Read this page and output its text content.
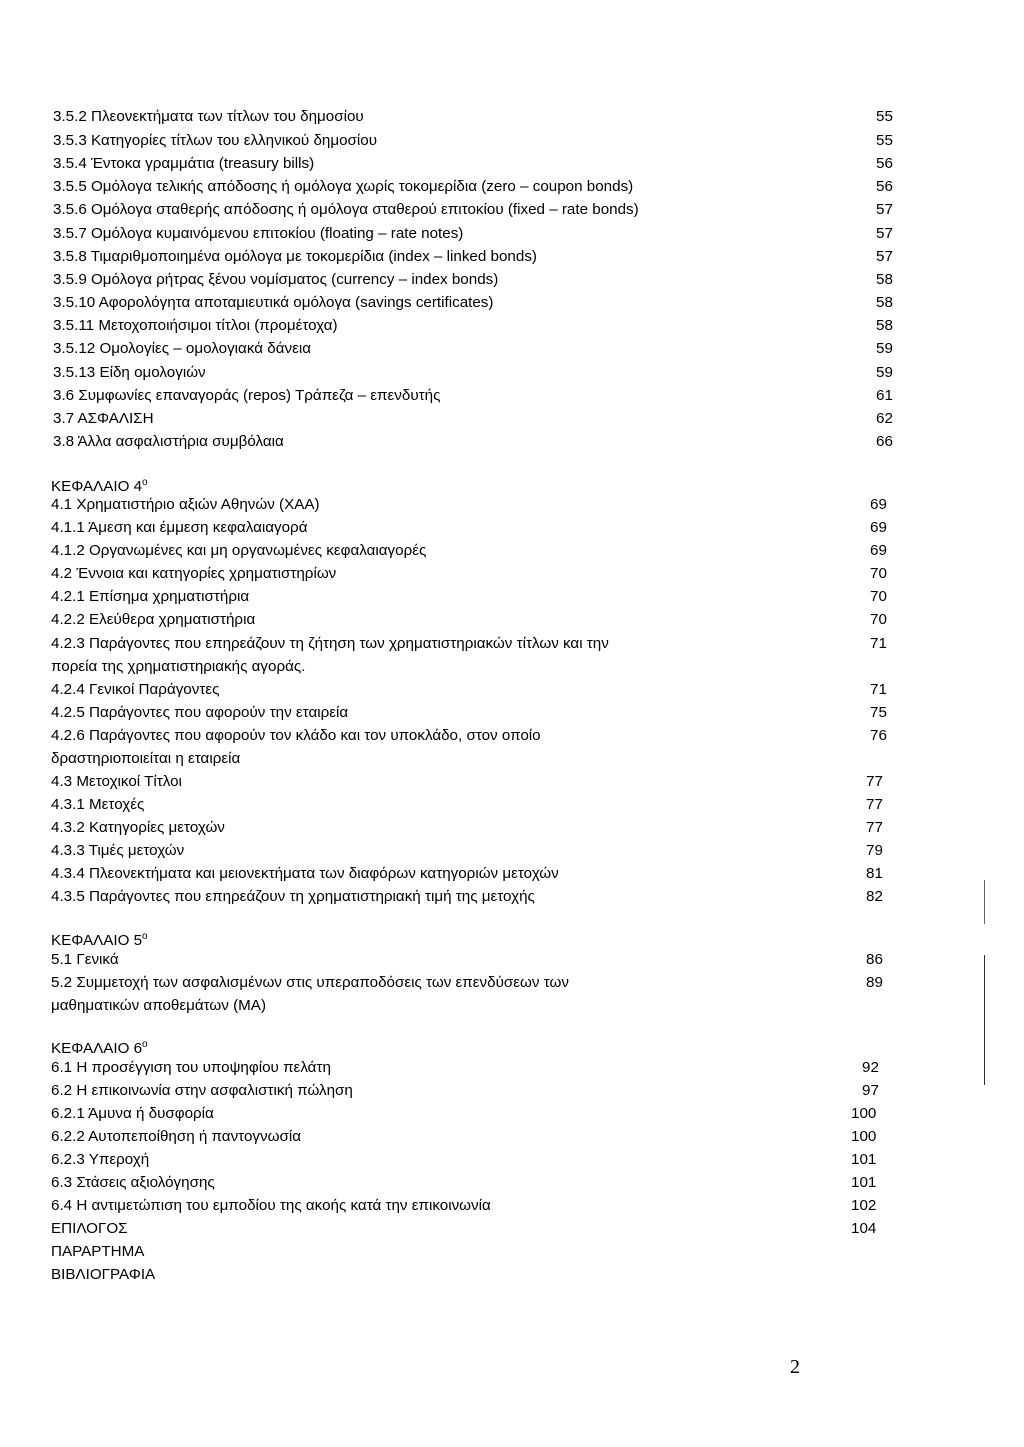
3.5.2 Πλεονεκτήματα των τίτλων του δημοσίου	55
3.5.3 Κατηγορίες τίτλων του ελληνικού δημοσίου	55
3.5.4 Έντοκα γραμμάτια (treasury bills)	56
3.5.5 Ομόλογα τελικής απόδοσης ή ομόλογα χωρίς τοκομερίδια (zero – coupon bonds)	56
3.5.6 Ομόλογα σταθερής απόδοσης ή ομόλογα σταθερού επιτοκίου (fixed – rate bonds)	57
3.5.7 Ομόλογα κυμαινόμενου επιτοκίου (floating – rate notes)	57
3.5.8 Τιμαριθμοποιημένα ομόλογα με τοκομερίδια (index – linked bonds)	57
3.5.9 Ομόλογα ρήτρας ξένου νομίσματος (currency – index bonds)	58
3.5.10 Αφορολόγητα αποταμιευτικά ομόλογα (savings certificates)	58
3.5.11 Μετοχοποιήσιμοι τίτλοι (προμέτοχα)	58
3.5.12 Ομολογίες – ομολογιακά δάνεια	59
3.5.13 Είδη ομολογιών	59
3.6 Συμφωνίες επαναγοράς (repos) Τράπεζα – επενδυτής	61
3.7 ΑΣΦΑΛΙΣΗ	62
3.8 Άλλα ασφαλιστήρια συμβόλαια	66
ΚΕΦΑΛΑΙΟ $4^o$
4.1 Χρηματιστήριο αξιών Αθηνών (ΧΑΑ)	69
4.1.1 Άμεση και έμμεση κεφαλαιαγορά	69
4.1.2 Οργανωμένες και μη οργανωμένες κεφαλαιαγορές	69
4.2 Έννοια και κατηγορίες χρηματιστηρίων	70
4.2.1 Επίσημα χρηματιστήρια	70
4.2.2 Ελεύθερα χρηματιστήρια	70
4.2.3 Παράγοντες που επηρεάζουν τη ζήτηση των χρηματιστηριακών τίτλων και την	71
πορεία της χρηματιστηριακής αγοράς.
4.2.4 Γενικοί Παράγοντες	71
4.2.5 Παράγοντες που αφορούν την εταιρεία	75
4.2.6 Παράγοντες που αφορούν τον κλάδο και τον υποκλάδο, στον οποίο	76
δραστηριοποιείται η εταιρεία
4.3 Μετοχικοί Τίτλοι	77
4.3.1 Μετοχές	77
4.3.2 Κατηγορίες μετοχών	77
4.3.3 Τιμές μετοχών	79
4.3.4 Πλεονεκτήματα και μειονεκτήματα των διαφόρων κατηγοριών μετοχών	81
4.3.5 Παράγοντες που επηρεάζουν τη χρηματιστηριακή τιμή της μετοχής	82
ΚΕΦΑΛΑΙΟ $5^o$
5.1 Γενικά	86
5.2 Συμμετοχή των ασφαλισμένων στις υπεραποδόσεις των επενδύσεων των	89
μαθηματικών αποθεμάτων (ΜΑ)
ΚΕΦΑΛΑΙΟ $6^o$
6.1 Η προσέγγιση του υποψηφίου πελάτη	92
6.2 Η επικοινωνία στην ασφαλιστική πώληση	97
6.2.1 Άμυνα ή δυσφορία	100
6.2.2 Αυτοπεποίθηση ή παντογνωσία	100
6.2.3 Υπεροχή	101
6.3 Στάσεις αξιολόγησης	101
6.4 Η αντιμετώπιση του εμποδίου της ακοής κατά την επικοινωνία	102
ΕΠΙΛΟΓΟΣ	104
ΠΑΡΑΡΤΗΜΑ
ΒΙΒΛΙΟΓΡΑΦΙΑ
2
